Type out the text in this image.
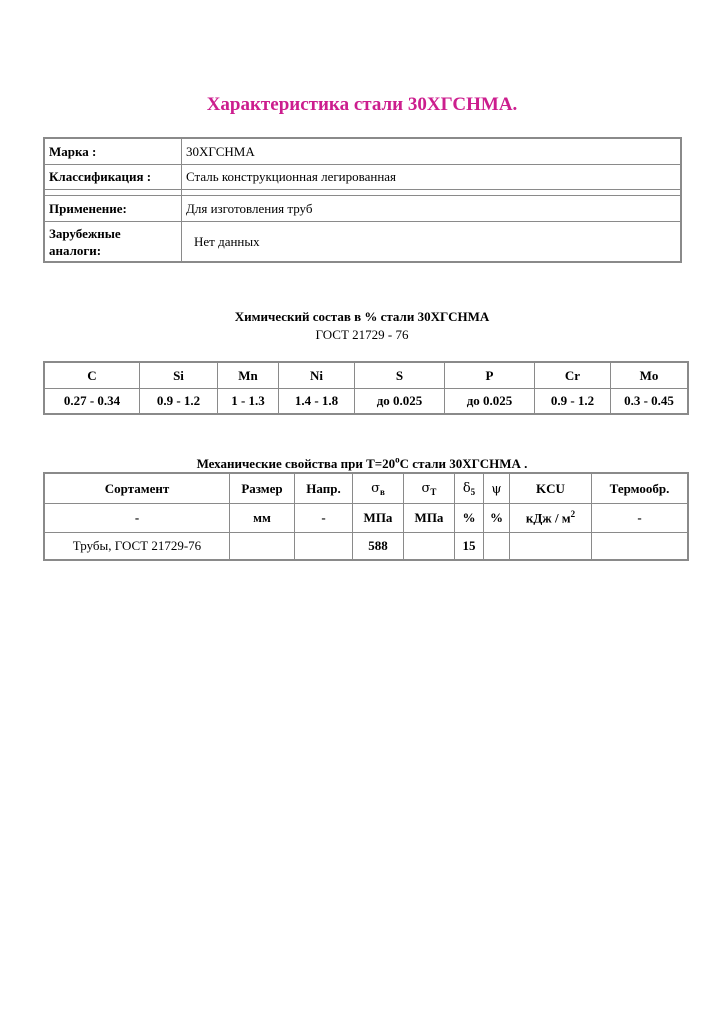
Характеристика стали 30ХГСНМА.
Марка :	30ХГСНМА
Классификация :	Сталь конструкционная легированная

Применение:	Для изготовления труб
Зарубежные
аналоги:	Нет данных
Химический состав в % стали 30ХГСНМА
ГОСТ 21729 - 76
C	Si	Mn	Ni	S	P	Cr	Mo
0.27 - 0.34	0.9 - 1.2	1 - 1.3	1.4 - 1.8	до 0.025	до 0.025	0.9 - 1.2	0.3 - 0.45
Механические свойства при $Т=20^oС$ стали 30ХГСНМА .
Сортамент	Размер	Напр.	$\sigma_в$	$\sigma_T$	$\delta_5$	ψ	KCU	Термообр.
-	мм	-	МПа	МПа	%	%	кДж / $м^2$	-
Трубы, ГОСТ 21729-76			588		15			
